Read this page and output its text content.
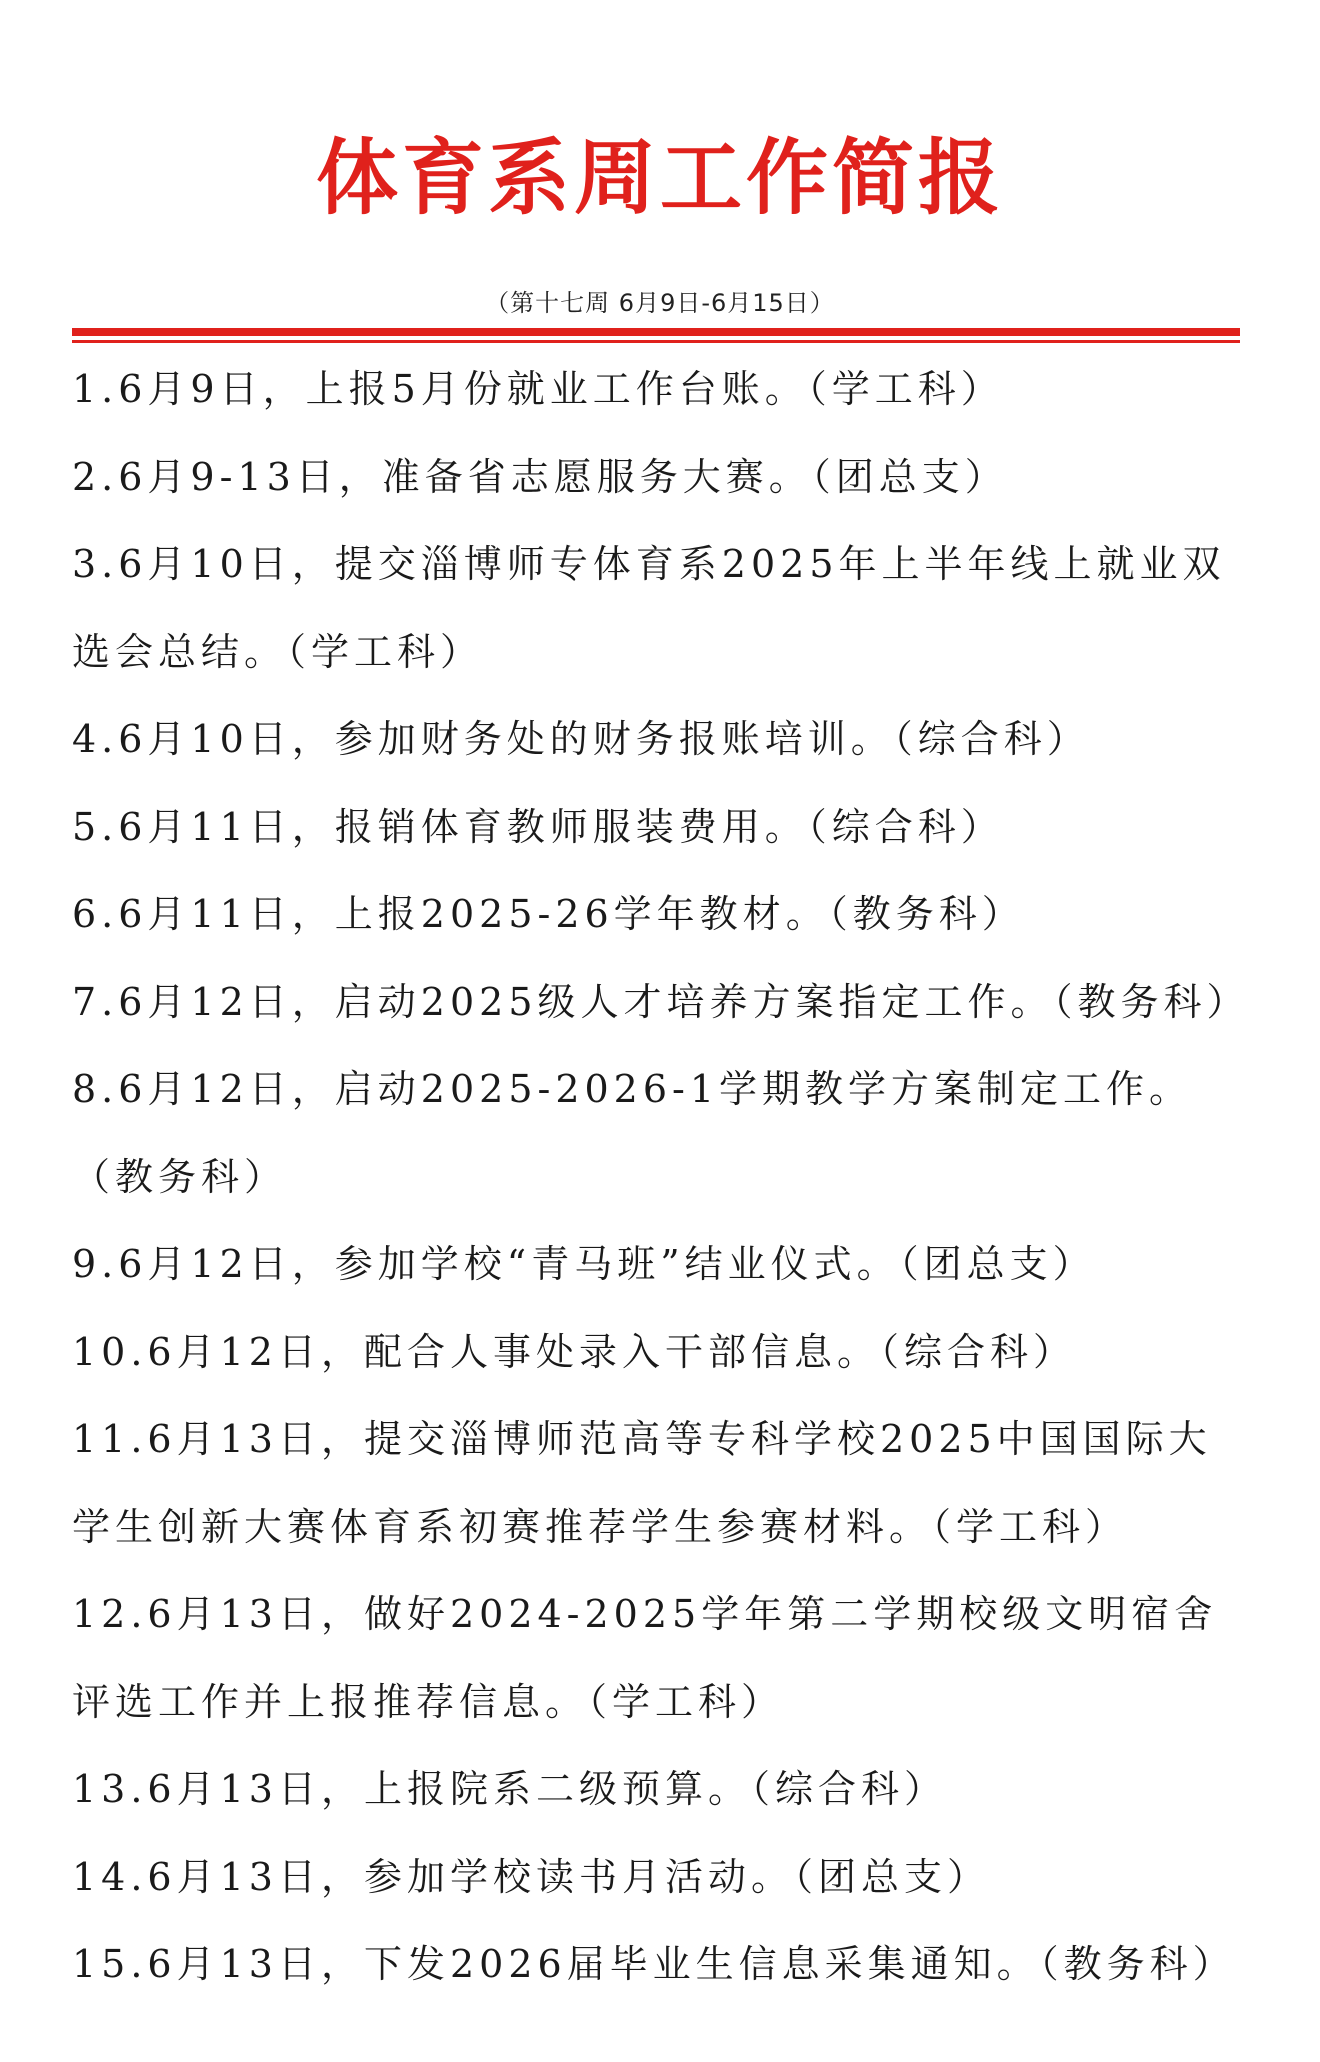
体育系周工作简报
（第十七周 6月9日-6月15日）
1.6月9日，上报5月份就业工作台账。（学工科）
2.6月9-13日，准备省志愿服务大赛。（团总支）
3.6月10日，提交淄博师专体育系2025年上半年线上就业双选会总结。（学工科）
4.6月10日，参加财务处的财务报账培训。（综合科）
5.6月11日，报销体育教师服装费用。（综合科）
6.6月11日，上报2025-26学年教材。（教务科）
7.6月12日，启动2025级人才培养方案指定工作。（教务科）
8.6月12日，启动2025-2026-1学期教学方案制定工作。（教务科）
9.6月12日，参加学校“青马班”结业仪式。（团总支）
10.6月12日，配合人事处录入干部信息。（综合科）
11.6月13日，提交淄博师范高等专科学校2025中国国际大学生创新大赛体育系初赛推荐学生参赛材料。（学工科）
12.6月13日，做好2024-2025学年第二学期校级文明宿舍评选工作并上报推荐信息。（学工科）
13.6月13日，上报院系二级预算。（综合科）
14.6月13日，参加学校读书月活动。（团总支）
15.6月13日，下发2026届毕业生信息采集通知。（教务科）
